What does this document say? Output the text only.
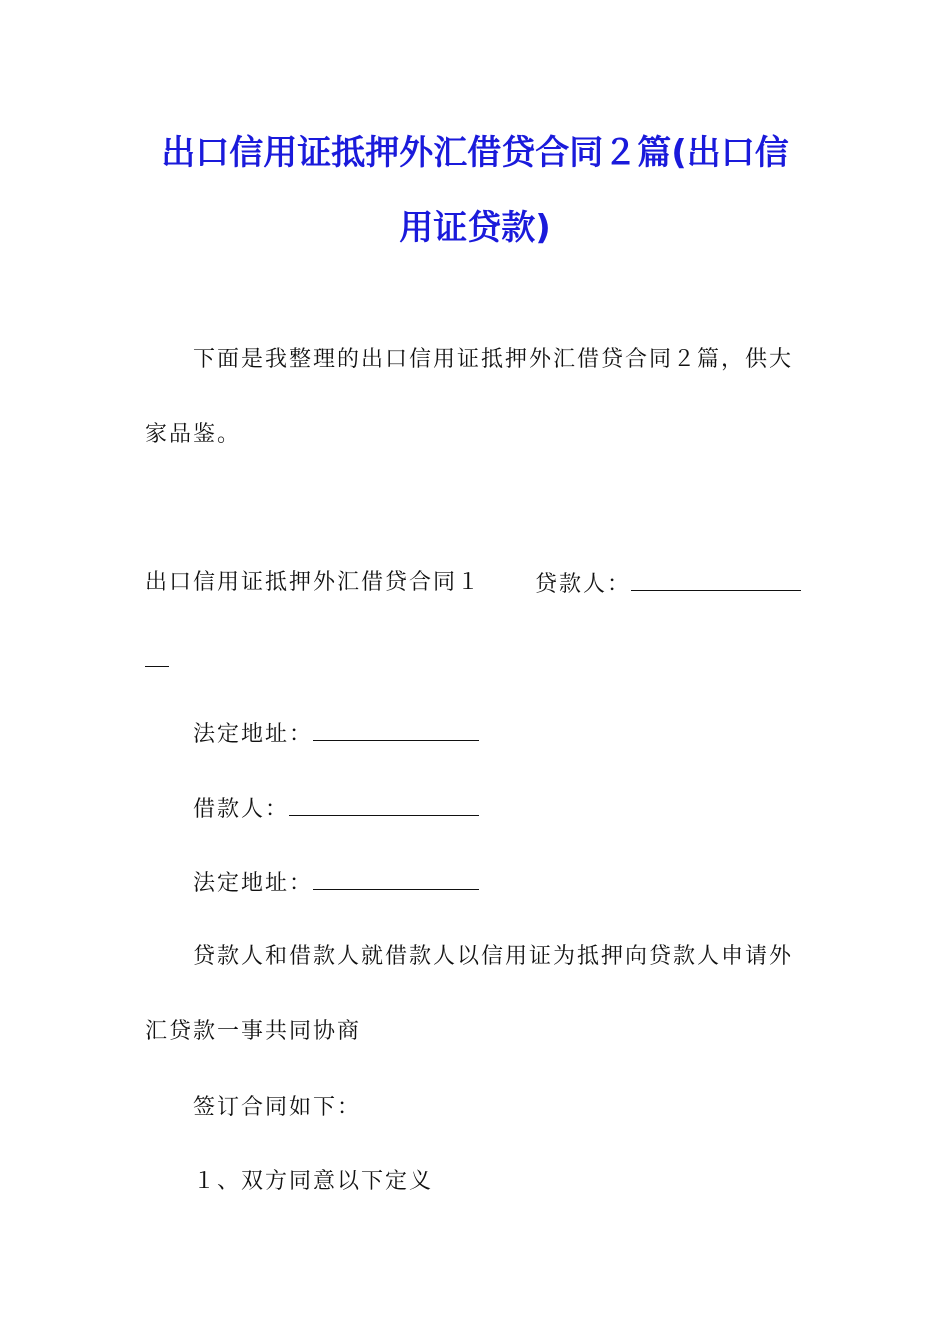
出口信用证抵押外汇借贷合同２篇(出口信
用证贷款)
下面是我整理的出口信用证抵押外汇借贷合同２篇，供大
家品鉴。
出口信用证抵押外汇借贷合同１ 贷款人：
法定地址：
借款人：
法定地址：
贷款人和借款人就借款人以信用证为抵押向贷款人申请外
汇贷款一事共同协商
签订合同如下：
１、双方同意以下定义
